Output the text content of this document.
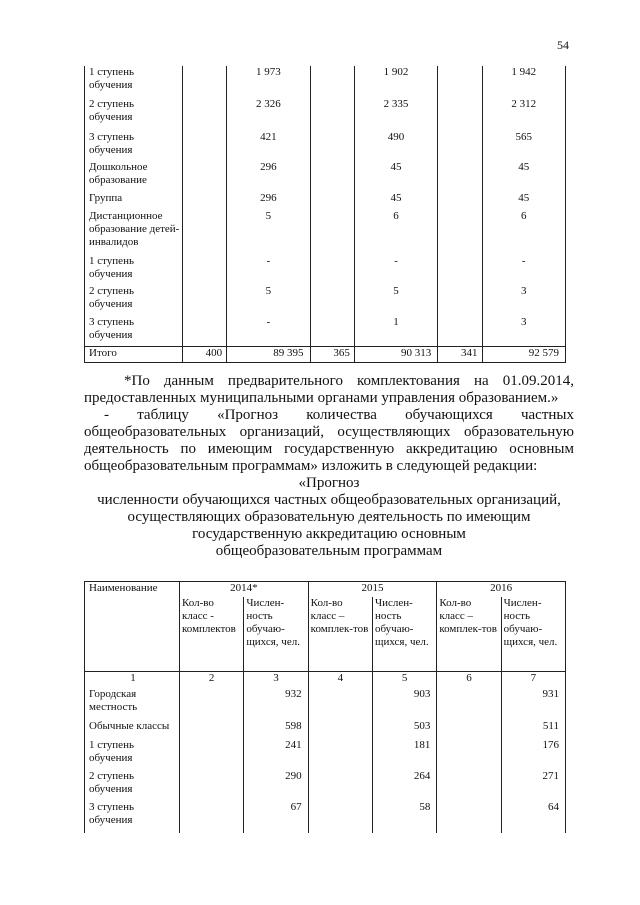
54
1 ступень обучения		1 973		1 902		1 942
2 ступень обучения		2 326		2 335		2 312
3 ступень обучения		421		490		565
Дошкольное образование		296		45		45
Группа		296		45		45
Дистанционное образование детей-инвалидов		5		6		6
1 ступень обучения		-		-		-
2 ступень обучения		5		5		3
3 ступень обучения		-		1		3
Итого	400	89 395	365	90 313	341	92 579
*По данным предварительного комплектования на 01.09.2014, предоставленных муниципальными органами управления образованием.»
- таблицу «Прогноз количества обучающихся частных общеобразовательных организаций, осуществляющих образовательную деятельность по имеющим государственную аккредитацию основным общеобразовательным программам» изложить в следующей редакции:
«Прогноз
численности обучающихся частных общеобразовательных организаций,
осуществляющих образовательную деятельность по имеющим
государственную аккредитацию основным
общеобразовательным программам
Наименование	2014*		2015		2016	
	Кол-во класс - комплектов	Числен-ность обучаю-щихся, чел.	Кол-во класс – комплек-тов	Числен-ность обучаю-щихся, чел.	Кол-во класс – комплек-тов	Числен-ность обучаю-щихся, чел.
1	2	3	4	5	6	7
Городская местность		932		903		931
Обычные классы		598		503		511
1 ступень обучения		241		181		176
2 ступень обучения		290		264		271
3 ступень обучения		67		58		64
